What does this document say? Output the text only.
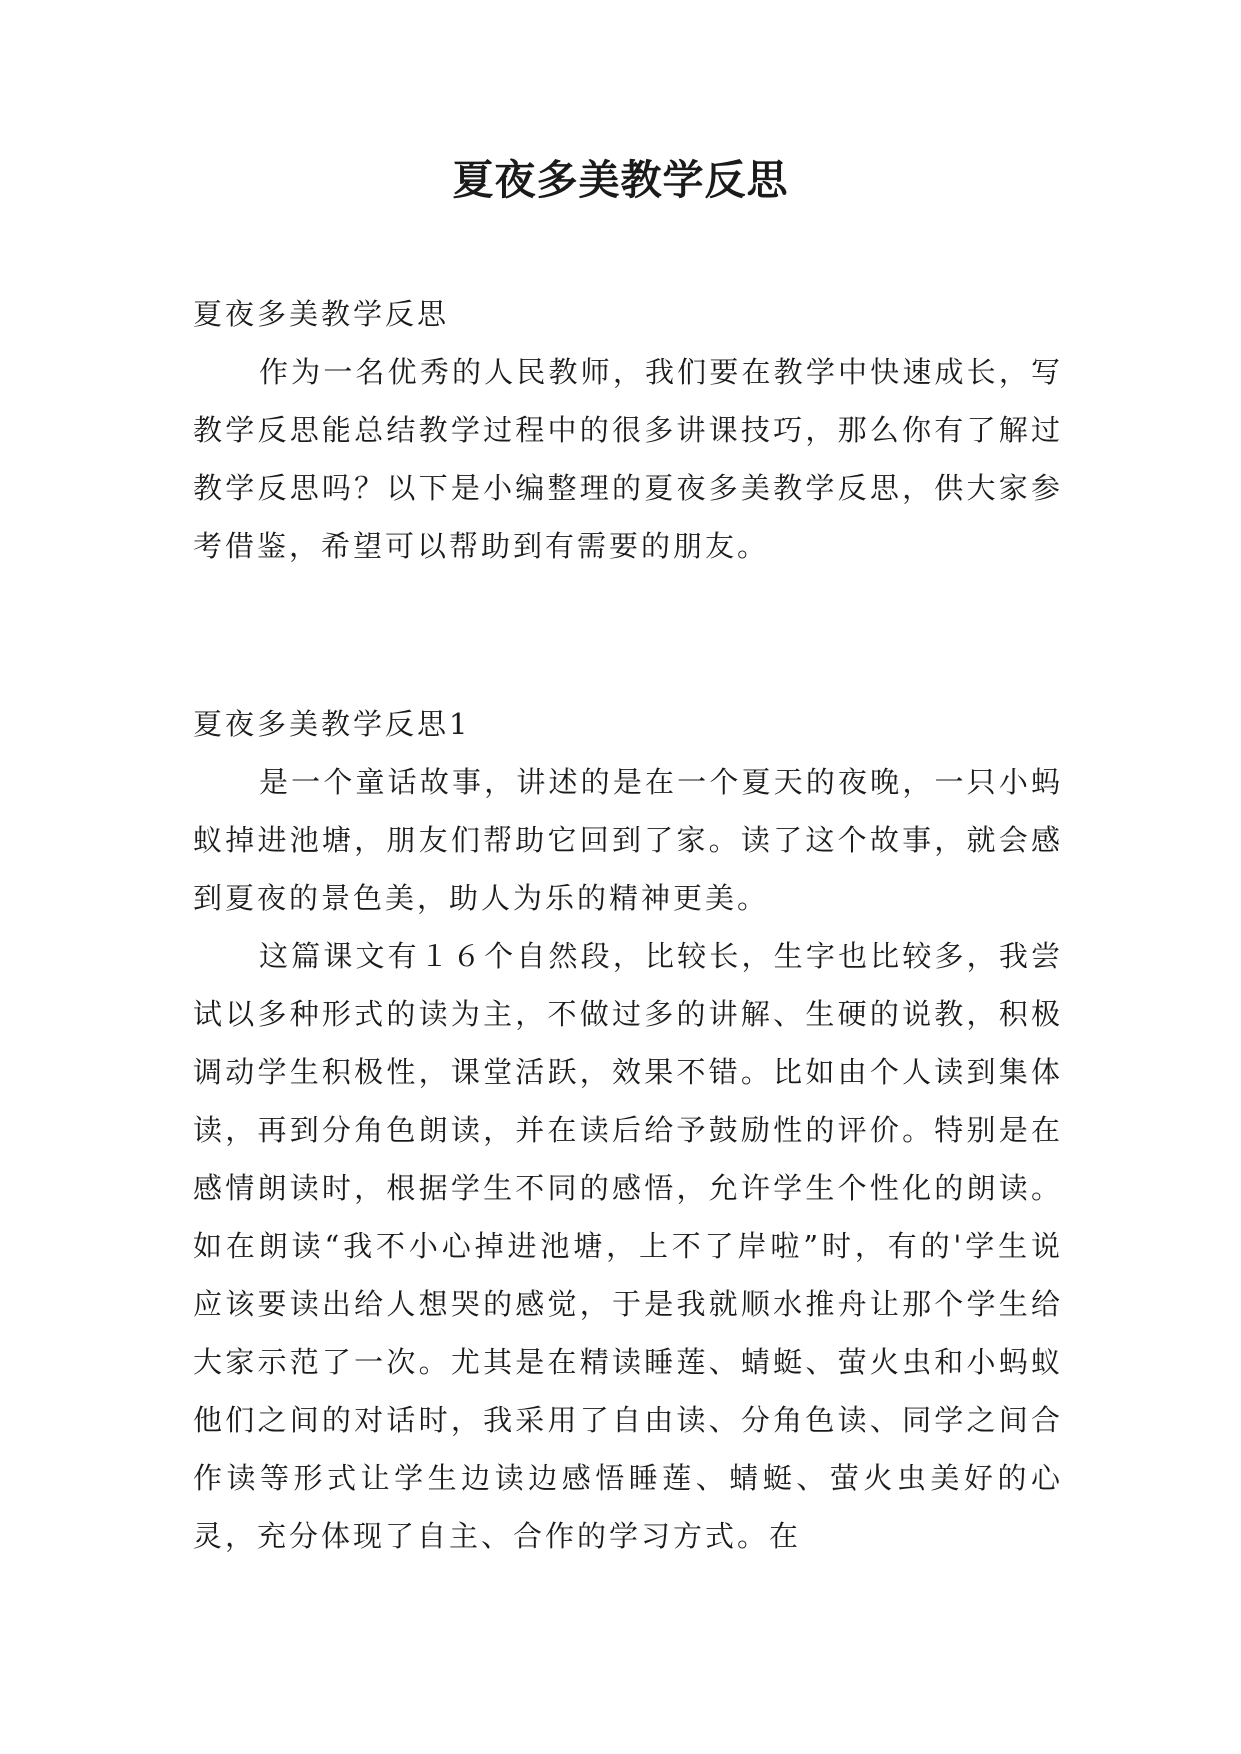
夏夜多美教学反思

夏夜多美教学反思

作为一名优秀的人民教师，我们要在教学中快速成长，写教学反思能总结教学过程中的很多讲课技巧，那么你有了解过教学反思吗？以下是小编整理的夏夜多美教学反思，供大家参考借鉴，希望可以帮助到有需要的朋友。

夏夜多美教学反思1

是一个童话故事，讲述的是在一个夏天的夜晚，一只小蚂蚁掉进池塘，朋友们帮助它回到了家。读了这个故事，就会感到夏夜的景色美，助人为乐的精神更美。

这篇课文有１６个自然段，比较长，生字也比较多，我尝试以多种形式的读为主，不做过多的讲解、生硬的说教，积极调动学生积极性，课堂活跃，效果不错。比如由个人读到集体读，再到分角色朗读，并在读后给予鼓励性的评价。特别是在感情朗读时，根据学生不同的感悟，允许学生个性化的朗读。如在朗读“我不小心掉进池塘，上不了岸啦”时，有的'学生说应该要读出给人想哭的感觉，于是我就顺水推舟让那个学生给大家示范了一次。尤其是在精读睡莲、蜻蜓、萤火虫和小蚂蚁他们之间的对话时，我采用了自由读、分角色读、同学之间合作读等形式让学生边读边感悟睡莲、蜻蜓、萤火虫美好的心灵，充分体现了自主、合作的学习方式。在
